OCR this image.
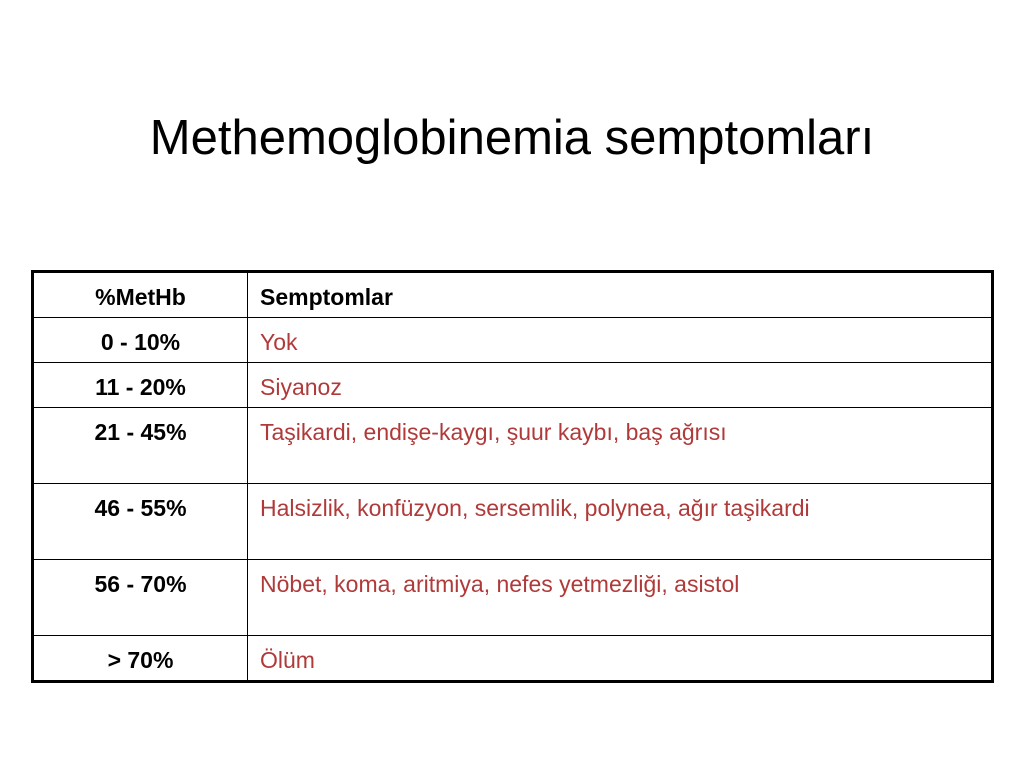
Methemoglobinemia semptomları
%MetHb	Semptomlar
0 - 10%	Yok
11 - 20%	Siyanoz
21 - 45%	Taşikardi, endişe-kaygı, şuur kaybı, baş ağrısı
46 - 55%	Halsizlik, konfüzyon, sersemlik, polynea, ağır taşikardi
56 - 70%	Nöbet, koma, aritmiya, nefes yetmezliği, asistol
> 70%	Ölüm
